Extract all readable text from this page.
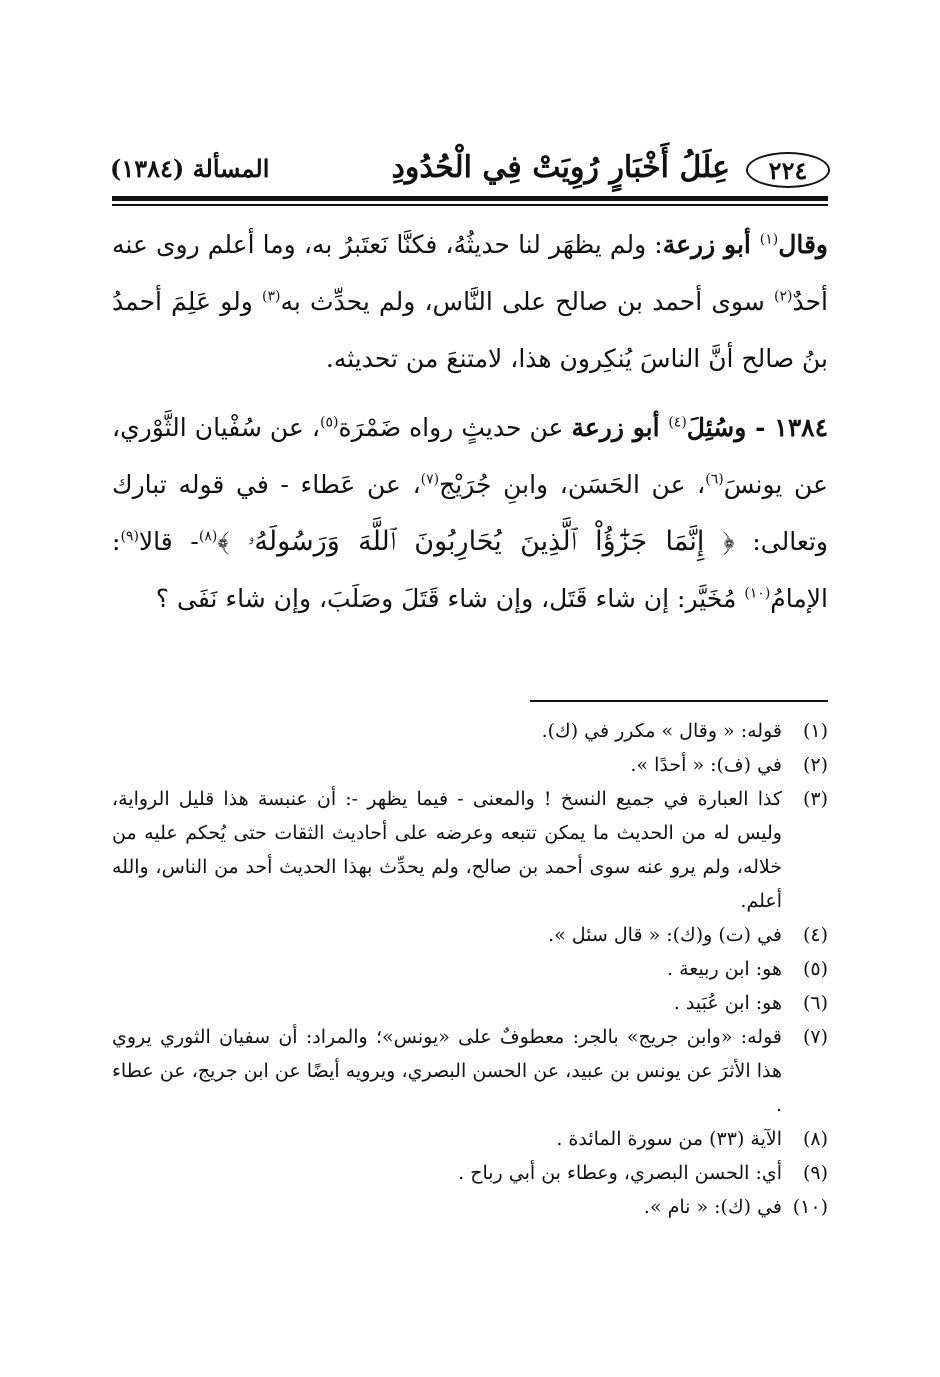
٢٢٤
عِلَلُ أَخْبَارٍ رُوِيَتْ فِي الْحُدُودِ
المسألة (١٣٨٤)

وقال$^{(١)}$ أبو زرعة: ولم يظهَر لنا حديثُهُ، فكنَّا نَعتَبرُ به، وما أعلم روى عنه أحدٌ$^{(٢)}$ سوى أحمد بن صالح على النَّاس، ولم يحدِّث به$^{(٣)}$ ولو عَلِمَ أحمدُ بنُ صالح أنَّ الناسَ يُنكِرون هذا، لامتنعَ من تحديثه.

١٣٨٤ - وسُئِلَ$^{(٤)}$ أبو زرعة عن حديثٍ رواه ضَمْرَة$^{(٥)}$، عن سُفْيان الثَّوْري، عن يونسَ$^{(٦)}$، عن الحَسَن، وابنِ جُرَيْج$^{(٧)}$، عن عَطاء - في قوله تبارك وتعالى: ﴿ إِنَّمَا جَزَٰٓؤُاْ ٱلَّذِينَ يُحَارِبُونَ ٱللَّهَ وَرَسُولَهُۥ ﴾$^{(٨)}$- قالا$^{(٩)}$: الإمامُ$^{(١٠)}$ مُخَيَّر: إن شاء قَتَل، وإن شاء قَتَلَ وصَلَبَ، وإن شاء نَفَى ؟

(١)
قوله: « وقال » مكرر في (ك).
(٢)
في (ف): « أحدًا ».
(٣)
كذا العبارة في جميع النسخ ! والمعنى - فيما يظهر -: أن عنبسة هذا قليل الرواية، وليس له من الحديث ما يمكن تتبعه وعرضه على أحاديث الثقات حتى يُحكم عليه من خلاله، ولم يرو عنه سوى أحمد بن صالح، ولم يحدِّث بهذا الحديث أحد من الناس، والله أعلم.
(٤)
في (ت) و(ك): « قال سئل ».
(٥)
هو: ابن ربيعة .
(٦)
هو: ابن عُبَيد .
(٧)
قوله: «وابن جريج» بالجر: معطوفٌ على «يونس»؛ والمراد: أن سفيان الثوري يروي هذا الأثرَ عن يونس بن عبيد، عن الحسن البصري، ويرويه أيضًا عن ابن جريج، عن عطاء .
(٨)
الآية (٣٣) من سورة المائدة .
(٩)
أي: الحسن البصري، وعطاء بن أبي رباح .
(١٠)
في (ك): « نام ».
